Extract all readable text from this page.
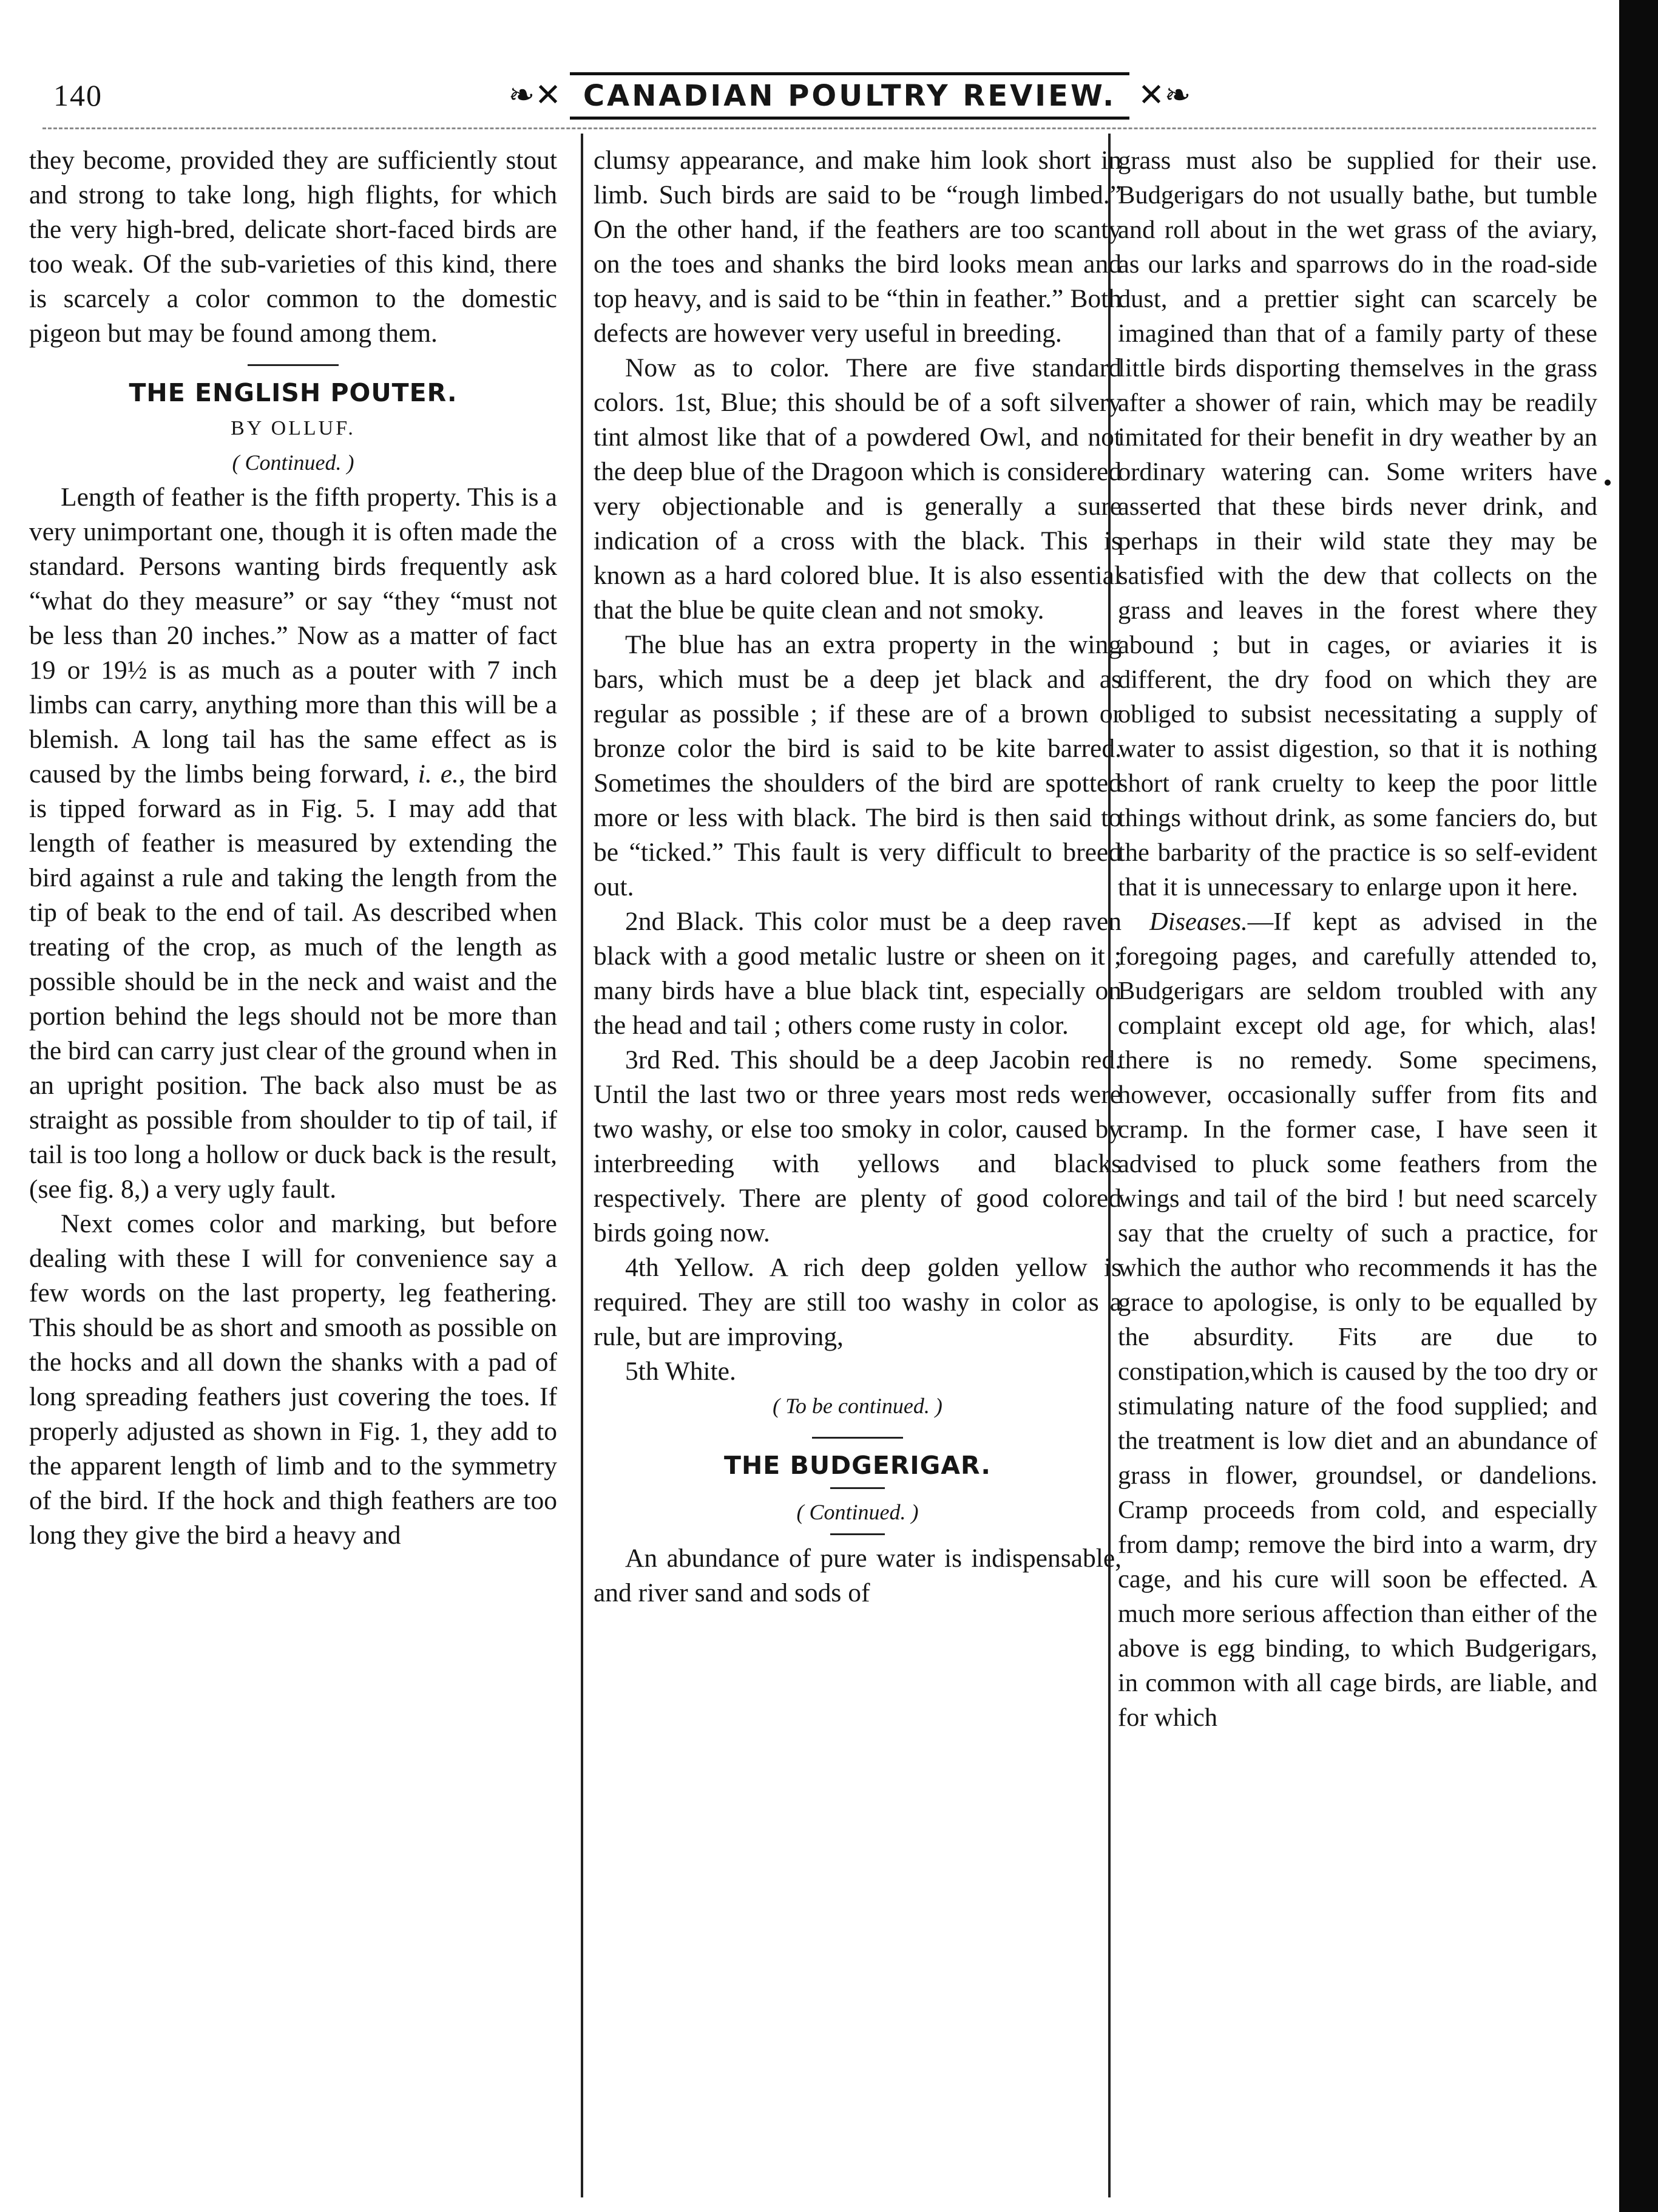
140	❧✕ CANADIAN POULTRY REVIEW. ✕❧

they become, provided they are sufficiently stout and strong to take long, high flights, for which the very high-bred, delicate short-faced birds are too weak. Of the sub-varieties of this kind, there is scarcely a color common to the domestic pigeon but may be found among them.

THE ENGLISH POUTER.
BY OLLUF.
( Continued. )

Length of feather is the fifth property. This is a very unimportant one, though it is often made the standard. Persons wanting birds frequently ask “what do they measure” or say “they “must not be less than 20 inches.” Now as a matter of fact 19 or 19½ is as much as a pouter with 7 inch limbs can carry, anything more than this will be a blemish. A long tail has the same effect as is caused by the limbs being forward, i. e., the bird is tipped forward as in Fig. 5. I may add that length of feather is measured by extending the bird against a rule and taking the length from the tip of beak to the end of tail. As described when treating of the crop, as much of the length as possible should be in the neck and waist and the portion behind the legs should not be more than the bird can carry just clear of the ground when in an upright position. The back also must be as straight as possible from shoulder to tip of tail, if tail is too long a hollow or duck back is the result, (see fig. 8,) a very ugly fault.

Next comes color and marking, but before dealing with these I will for convenience say a few words on the last property, leg feathering. This should be as short and smooth as possible on the hocks and all down the shanks with a pad of long spreading feathers just covering the toes. If properly adjusted as shown in Fig. 1, they add to the apparent length of limb and to the symmetry of the bird. If the hock and thigh feathers are too long they give the bird a heavy and

clumsy appearance, and make him look short in limb. Such birds are said to be “rough limbed.” On the other hand, if the feathers are too scanty on the toes and shanks the bird looks mean and top heavy, and is said to be “thin in feather.” Both defects are however very useful in breeding.

Now as to color. There are five standard colors. 1st, Blue; this should be of a soft silvery tint almost like that of a powdered Owl, and not the deep blue of the Dragoon which is considered very objectionable and is generally a sure indication of a cross with the black. This is known as a hard colored blue. It is also essential that the blue be quite clean and not smoky.

The blue has an extra property in the wing bars, which must be a deep jet black and as regular as possible ; if these are of a brown or bronze color the bird is said to be kite barred. Sometimes the shoulders of the bird are spotted more or less with black. The bird is then said to be “ticked.” This fault is very difficult to breed out.

2nd Black. This color must be a deep raven black with a good metalic lustre or sheen on it ; many birds have a blue black tint, especially on the head and tail ; others come rusty in color.

3rd Red. This should be a deep Jacobin red. Until the last two or three years most reds were two washy, or else too smoky in color, caused by interbreeding with yellows and blacks respectively. There are plenty of good colored birds going now.

4th Yellow. A rich deep golden yellow is required. They are still too washy in color as a rule, but are improving,

5th White.

( To be continued. )
THE BUDGERIGAR.
( Continued. )

An abundance of pure water is indispensable, and river sand and sods of

grass must also be supplied for their use. Budgerigars do not usually bathe, but tumble and roll about in the wet grass of the aviary, as our larks and sparrows do in the road-side dust, and a prettier sight can scarcely be imagined than that of a family party of these little birds disporting themselves in the grass after a shower of rain, which may be readily imitated for their benefit in dry weather by an ordinary watering can. Some writers have asserted that these birds never drink, and perhaps in their wild state they may be satisfied with the dew that collects on the grass and leaves in the forest where they abound ; but in cages, or aviaries it is different, the dry food on which they are obliged to subsist necessitating a supply of water to assist digestion, so that it is nothing short of rank cruelty to keep the poor little things without drink, as some fanciers do, but the barbarity of the practice is so self-evident that it is unnecessary to enlarge upon it here.

Diseases.—If kept as advised in the foregoing pages, and carefully attended to, Budgerigars are seldom troubled with any complaint except old age, for which, alas! there is no remedy. Some specimens, however, occasionally suffer from fits and cramp. In the former case, I have seen it advised to pluck some feathers from the wings and tail of the bird ! but need scarcely say that the cruelty of such a practice, for which the author who recommends it has the grace to apologise, is only to be equalled by the absurdity. Fits are due to constipation,which is caused by the too dry or stimulating nature of the food supplied; and the treatment is low diet and an abundance of grass in flower, groundsel, or dandelions. Cramp proceeds from cold, and especially from damp; remove the bird into a warm, dry cage, and his cure will soon be effected. A much more serious affection than either of the above is egg binding, to which Budgerigars, in common with all cage birds, are liable, and for which
